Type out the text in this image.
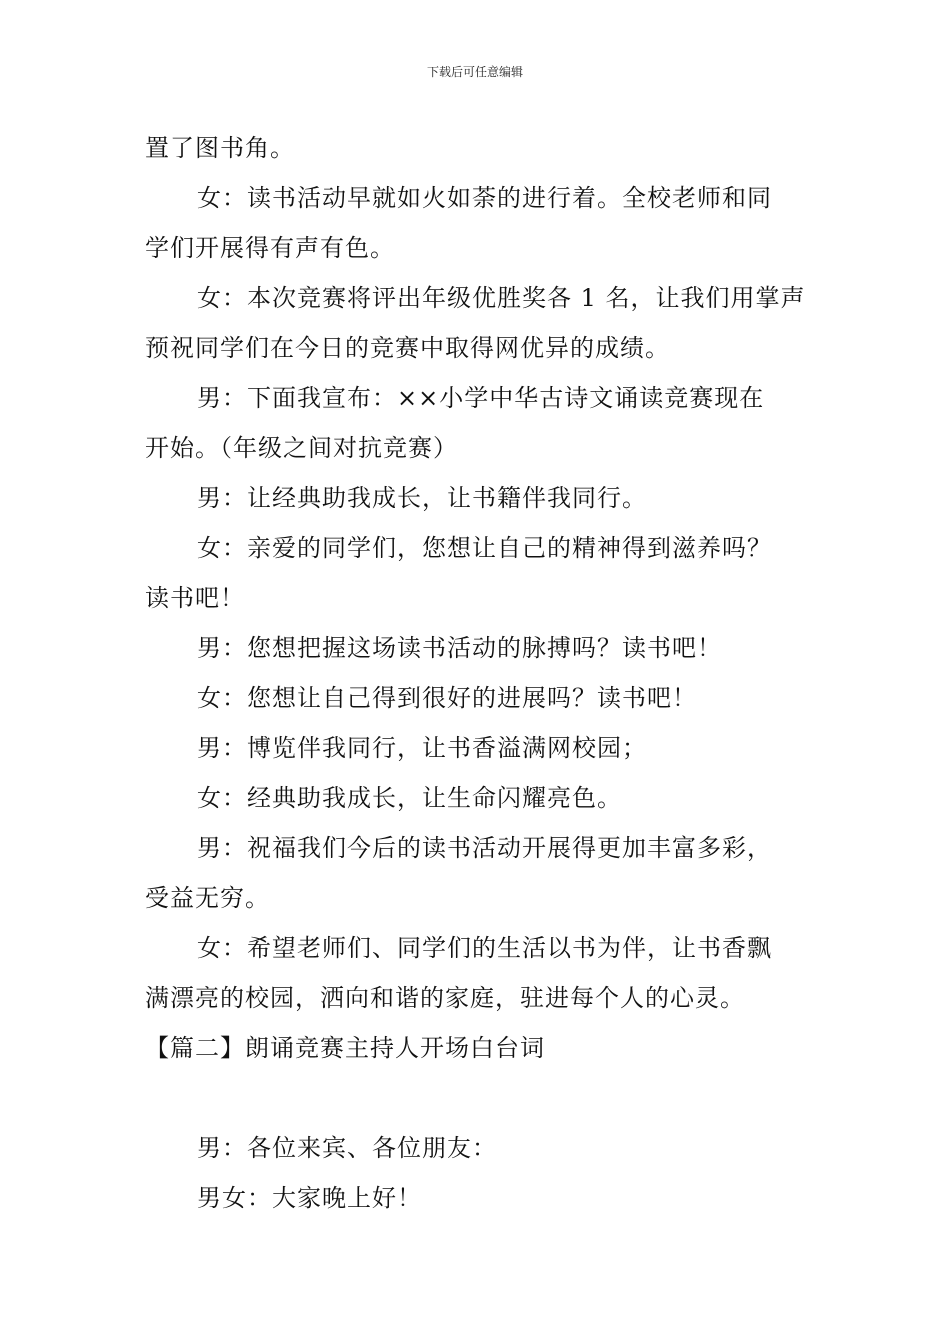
下载后可任意编辑
置了图书角。
女：读书活动早就如火如荼的进行着。全校老师和同
学们开展得有声有色。
女：本次竞赛将评出年级优胜奖各 1 名，让我们用掌声
预祝同学们在今日的竞赛中取得网优异的成绩。
男：下面我宣布：××小学中华古诗文诵读竞赛现在
开始。（年级之间对抗竞赛）
男：让经典助我成长，让书籍伴我同行。
女：亲爱的同学们，您想让自己的精神得到滋养吗？
读书吧！
男：您想把握这场读书活动的脉搏吗？读书吧！
女：您想让自己得到很好的进展吗？读书吧！
男：博览伴我同行，让书香溢满网校园；
女：经典助我成长，让生命闪耀亮色。
男：祝福我们今后的读书活动开展得更加丰富多彩，
受益无穷。
女：希望老师们、同学们的生活以书为伴，让书香飘
满漂亮的校园，洒向和谐的家庭，驻进每个人的心灵。
【篇二】朗诵竞赛主持人开场白台词
男：各位来宾、各位朋友：
男女：大家晚上好！
